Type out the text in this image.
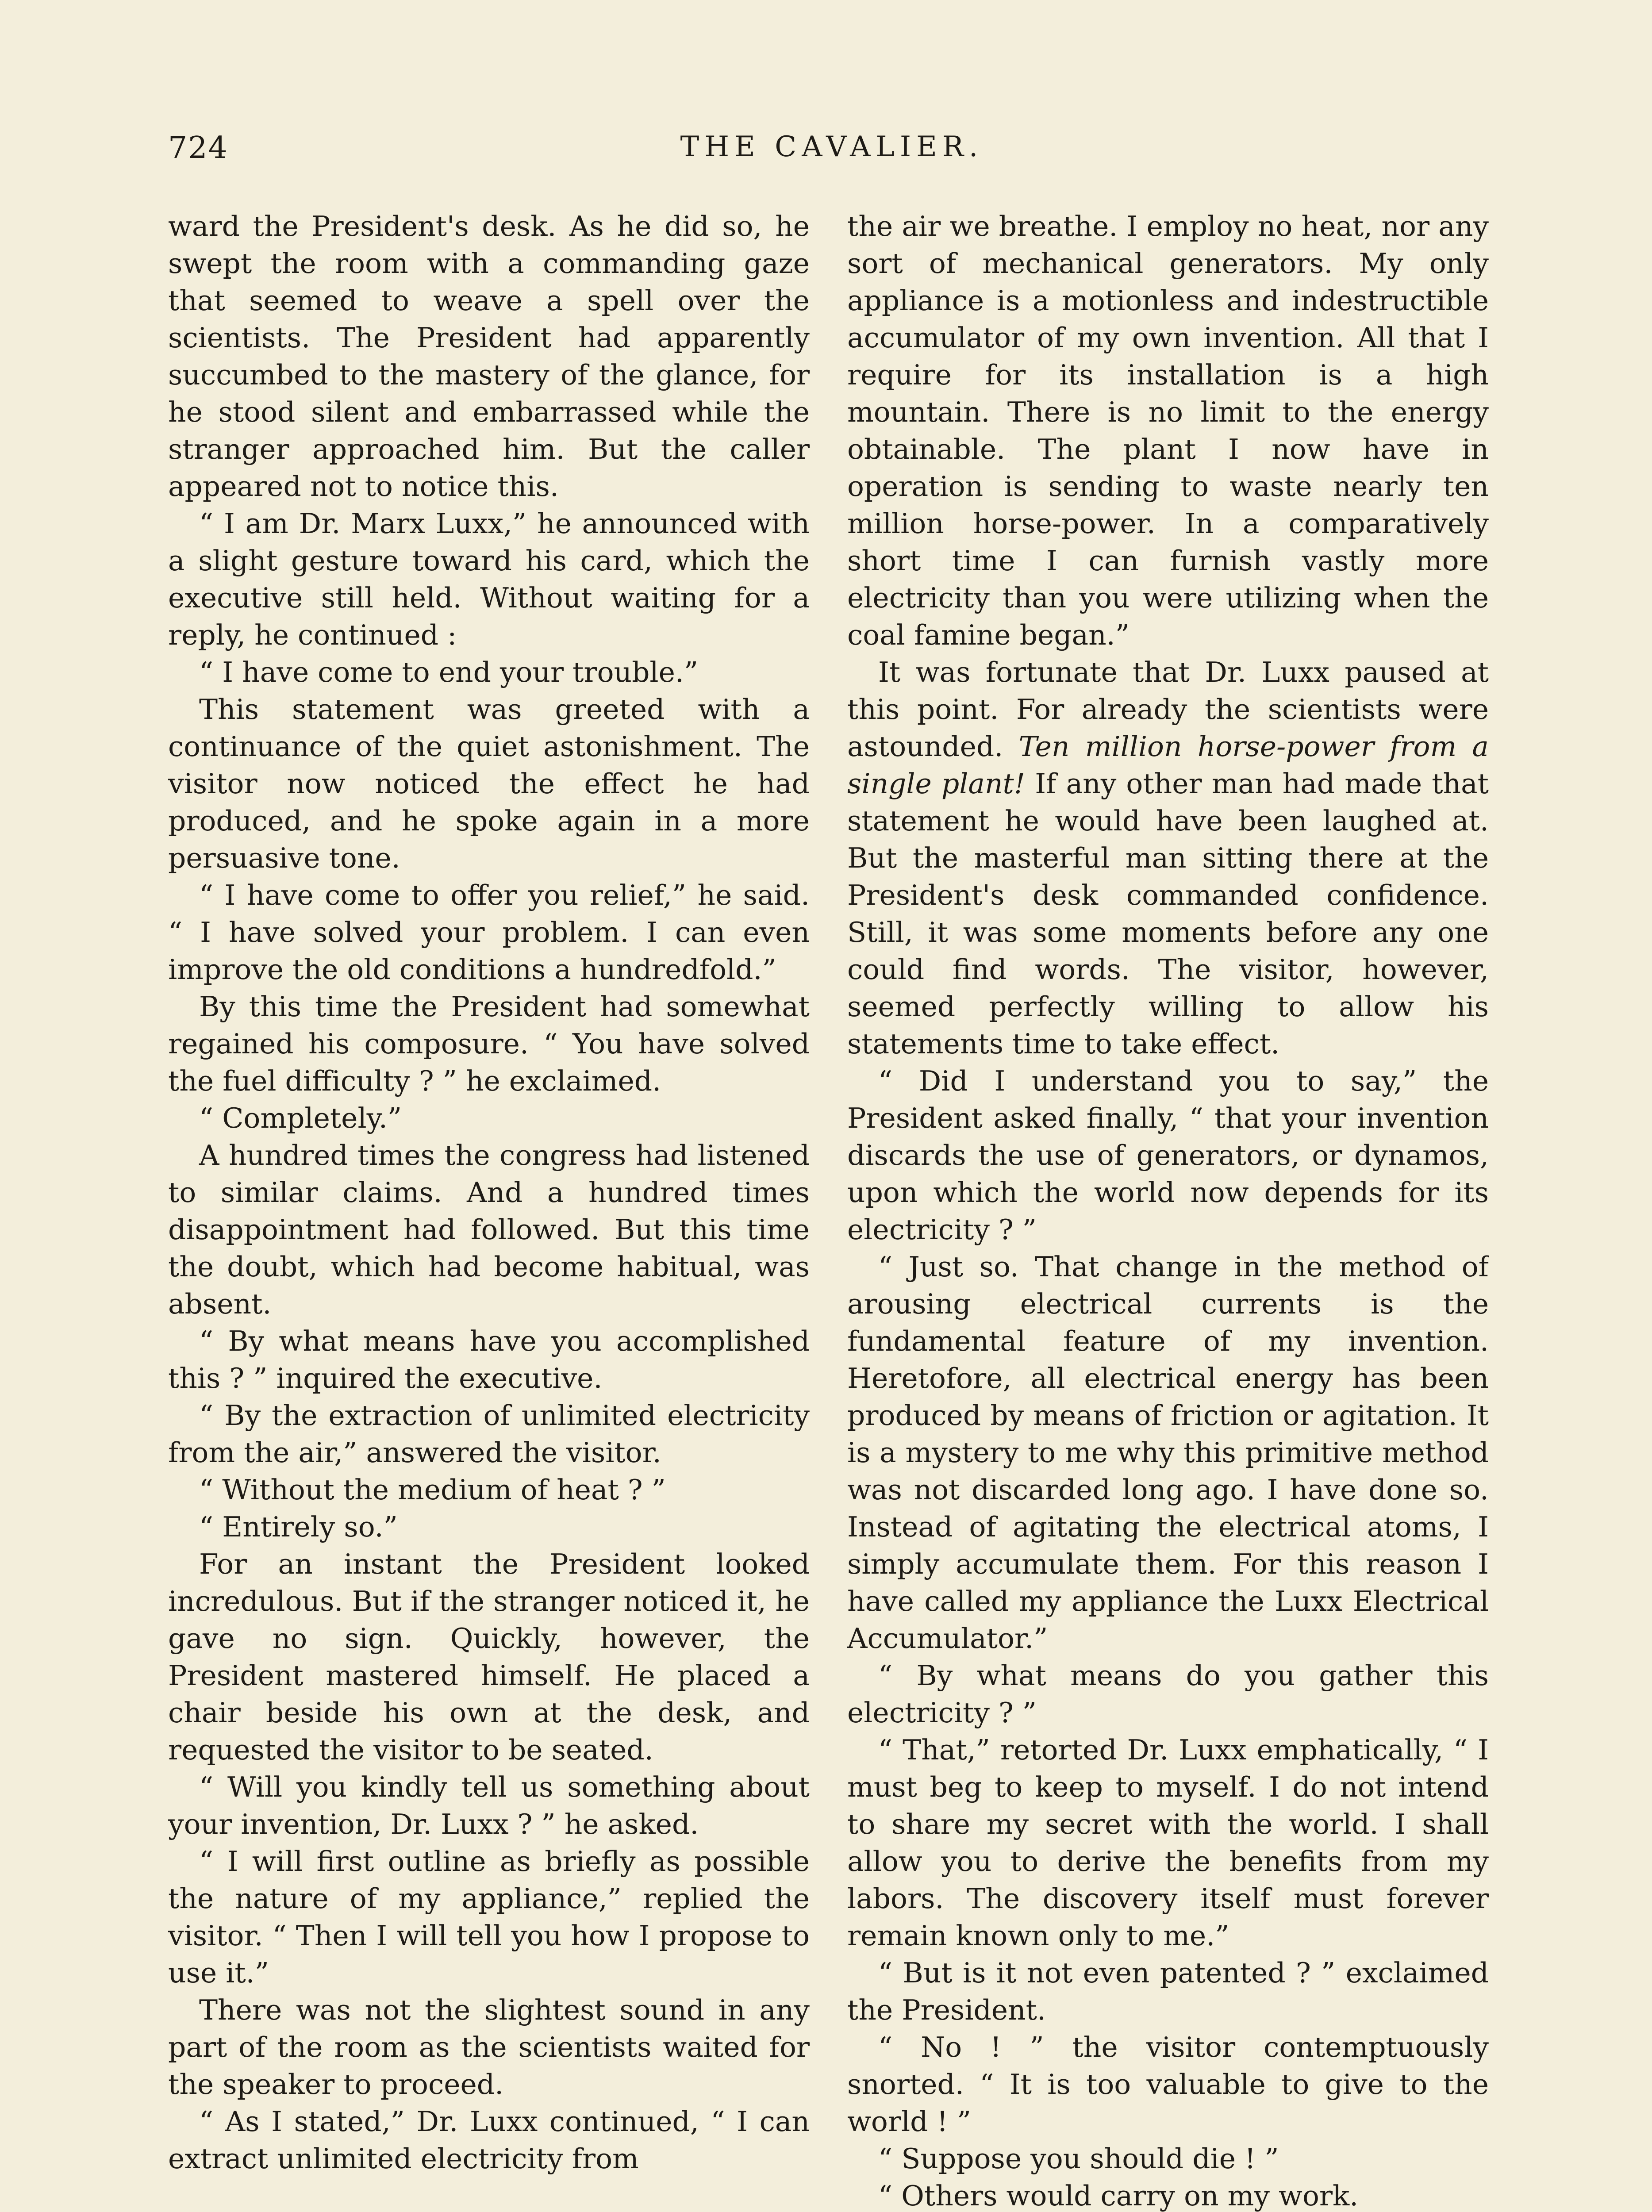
724	THE CAVALIER.

ward the President's desk. As he did so, he swept the room with a commanding gaze that seemed to weave a spell over the scientists. The President had apparently succumbed to the mastery of the glance, for he stood silent and embarrassed while the stranger approached him. But the caller appeared not to notice this.

“ I am Dr. Marx Luxx,” he announced with a slight gesture toward his card, which the executive still held. Without waiting for a reply, he continued :

“ I have come to end your trouble.”

This statement was greeted with a continuance of the quiet astonishment. The visitor now noticed the effect he had produced, and he spoke again in a more persuasive tone.

“ I have come to offer you relief,” he said. “ I have solved your problem. I can even improve the old conditions a hundredfold.”

By this time the President had somewhat regained his composure. “ You have solved the fuel difficulty ? ” he exclaimed.

“ Completely.”

A hundred times the congress had listened to similar claims. And a hundred times disappointment had followed. But this time the doubt, which had become habitual, was absent.

“ By what means have you accomplished this ? ” inquired the executive.

“ By the extraction of unlimited electricity from the air,” answered the visitor.

“ Without the medium of heat ? ”

“ Entirely so.”

For an instant the President looked incredulous. But if the stranger noticed it, he gave no sign. Quickly, however, the President mastered himself. He placed a chair beside his own at the desk, and requested the visitor to be seated.

“ Will you kindly tell us something about your invention, Dr. Luxx ? ” he asked.

“ I will first outline as briefly as possible the nature of my appliance,” replied the visitor. “ Then I will tell you how I propose to use it.”

There was not the slightest sound in any part of the room as the scientists waited for the speaker to proceed.

“ As I stated,” Dr. Luxx continued, “ I can extract unlimited electricity from

the air we breathe. I employ no heat, nor any sort of mechanical generators. My only appliance is a motionless and indestructible accumulator of my own invention. All that I require for its installation is a high mountain. There is no limit to the energy obtainable. The plant I now have in operation is sending to waste nearly ten million horse-power. In a comparatively short time I can furnish vastly more electricity than you were utilizing when the coal famine began.”

It was fortunate that Dr. Luxx paused at this point. For already the scientists were astounded. Ten million horse-power from a single plant! If any other man had made that statement he would have been laughed at. But the masterful man sitting there at the President's desk commanded confidence. Still, it was some moments before any one could find words. The visitor, however, seemed perfectly willing to allow his statements time to take effect.

“ Did I understand you to say,” the President asked finally, “ that your invention discards the use of generators, or dynamos, upon which the world now depends for its electricity ? ”

“ Just so. That change in the method of arousing electrical currents is the fundamental feature of my invention. Heretofore, all electrical energy has been produced by means of friction or agitation. It is a mystery to me why this primitive method was not discarded long ago. I have done so. Instead of agitating the electrical atoms, I simply accumulate them. For this reason I have called my appliance the Luxx Electrical Accumulator.”

“ By what means do you gather this electricity ? ”

“ That,” retorted Dr. Luxx emphatically, “ I must beg to keep to myself. I do not intend to share my secret with the world. I shall allow you to derive the benefits from my labors. The discovery itself must forever remain known only to me.”

“ But is it not even patented ? ” exclaimed the President.

“ No ! ” the visitor contemptuously snorted. “ It is too valuable to give to the world ! ”

“ Suppose you should die ! ”

“ Others would carry on my work.
